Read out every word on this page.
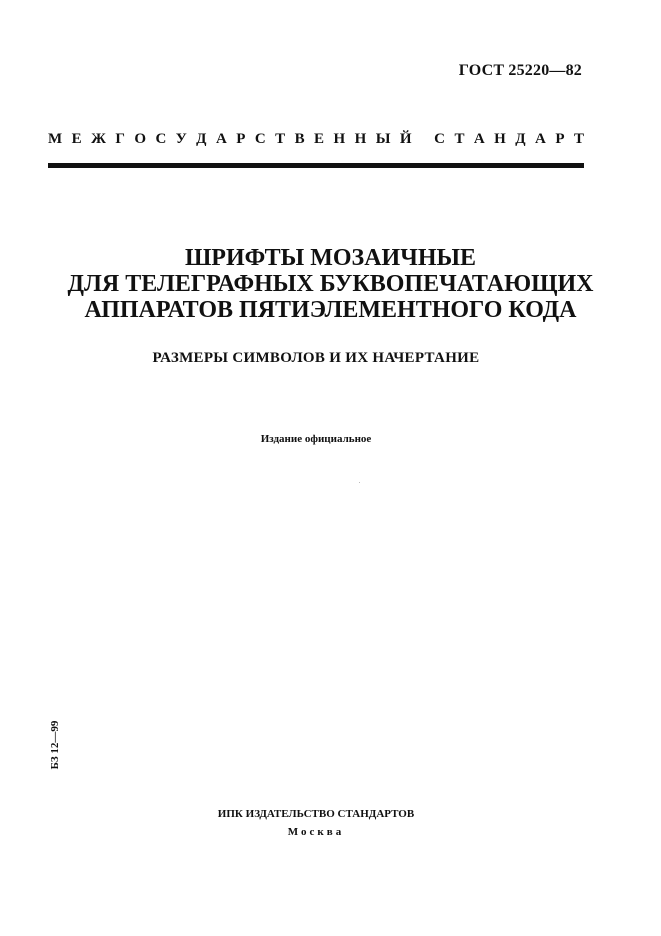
ГОСТ 25220—82
М Е Ж Г О С У Д А Р С Т В Е Н Н Ы Й
С Т А Н Д А Р Т
ШРИФТЫ МОЗАИЧНЫЕ
ДЛЯ ТЕЛЕГРАФНЫХ БУКВОПЕЧАТАЮЩИХ
АППАРАТОВ ПЯТИЭЛЕМЕНТНОГО КОДА
РАЗМЕРЫ СИМВОЛОВ И ИХ НАЧЕРТАНИЕ
Издание официальное
БЗ 12—99
ИПК ИЗДАТЕЛЬСТВО СТАНДАРТОВ
Москва
